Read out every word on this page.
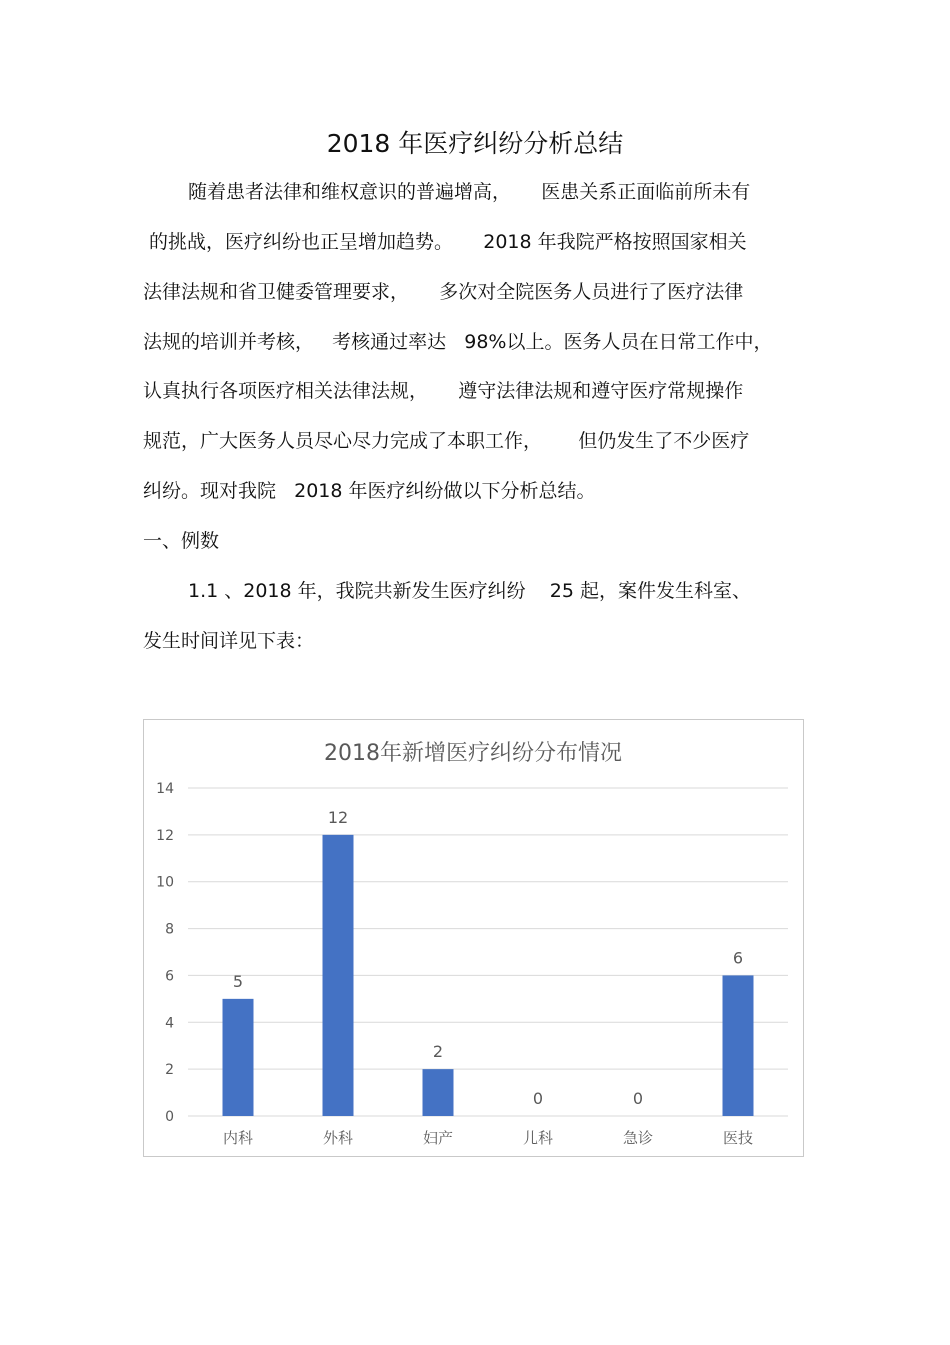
2018 年医疗纠纷分析总结
随着患者法律和维权意识的普遍增高，     医患关系正面临前所未有
的挑战，医疗纠纷也正呈增加趋势。     2018 年我院严格按照国家相关
法律法规和省卫健委管理要求，     多次对全院医务人员进行了医疗法律
法规的培训并考核，   考核通过率达   98%以上。医务人员在日常工作中，
认真执行各项医疗相关法律法规，     遵守法律法规和遵守医疗常规操作
规范，广大医务人员尽心尽力完成了本职工作，      但仍发生了不少医疗
纠纷。现对我院   2018 年医疗纠纷做以下分析总结。
一、例数
1.1 、2018 年，我院共新发生医疗纠纷    25 起，案件发生科室、
发生时间详见下表：
2018年新增医疗纠纷分布情况
0
2
4
6
8
10
12
14
5
内科
12
外科
2
妇产
0
儿科
0
急诊
6
医技
